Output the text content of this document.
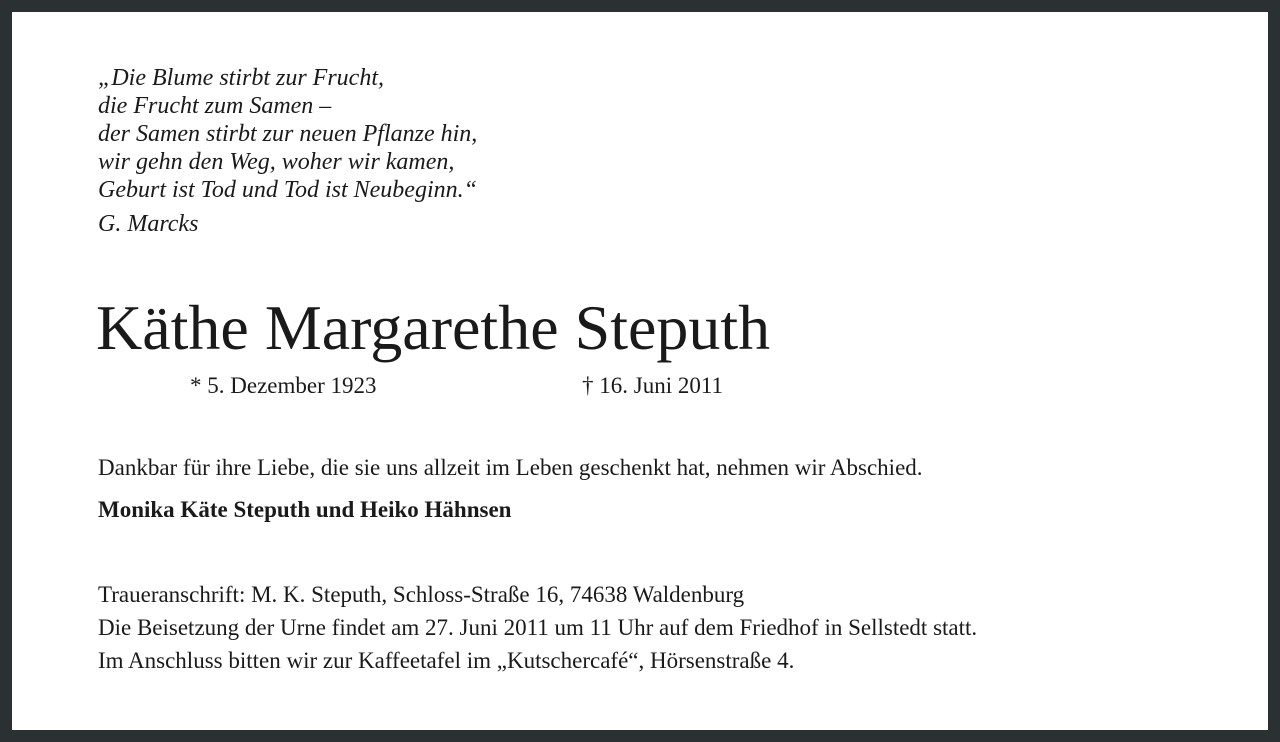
„Die Blume stirbt zur Frucht,
die Frucht zum Samen –
der Samen stirbt zur neuen Pflanze hin,
wir gehn den Weg, woher wir kamen,
Geburt ist Tod und Tod ist Neubeginn.“

G. Marcks

Käthe Margarethe Steputh
* 5. Dezember 1923	† 16. Juni 2011

Dankbar für ihre Liebe, die sie uns allzeit im Leben geschenkt hat, nehmen wir Abschied.

Monika Käte Steputh und Heiko Hähnsen

Traueranschrift: M. K. Steputh, Schloss-Straße 16, 74638 Waldenburg
Die Beisetzung der Urne findet am 27. Juni 2011 um 11 Uhr auf dem Friedhof in Sellstedt statt.
Im Anschluss bitten wir zur Kaffeetafel im „Kutschercafé“, Hörsenstraße 4.
